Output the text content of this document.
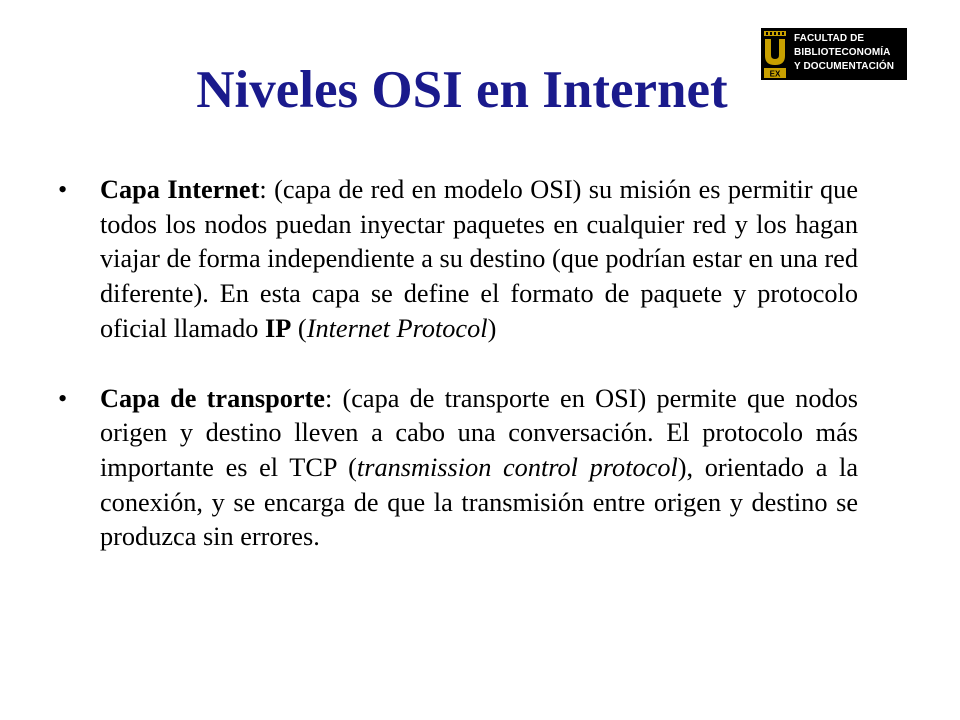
Niveles OSI en Internet	EX
FACULTAD DE
BIBLIOTECONOMÍA
Y DOCUMENTACIÓN
•	Capa Internet: (capa de red en modelo OSI) su misión es permitir que todos los nodos puedan inyectar paquetes en cualquier red y los hagan viajar de forma independiente a su destino (que podrían estar en una red diferente). En esta capa se define el formato de paquete y protocolo oficial llamado IP (Internet Protocol)
•	Capa de transporte: (capa de transporte en OSI) permite que nodos origen y destino lleven a cabo una conversación. El protocolo más importante es el TCP (transmission control protocol), orientado a la conexión, y se encarga de que la transmisión entre origen y destino se produzca sin errores.
